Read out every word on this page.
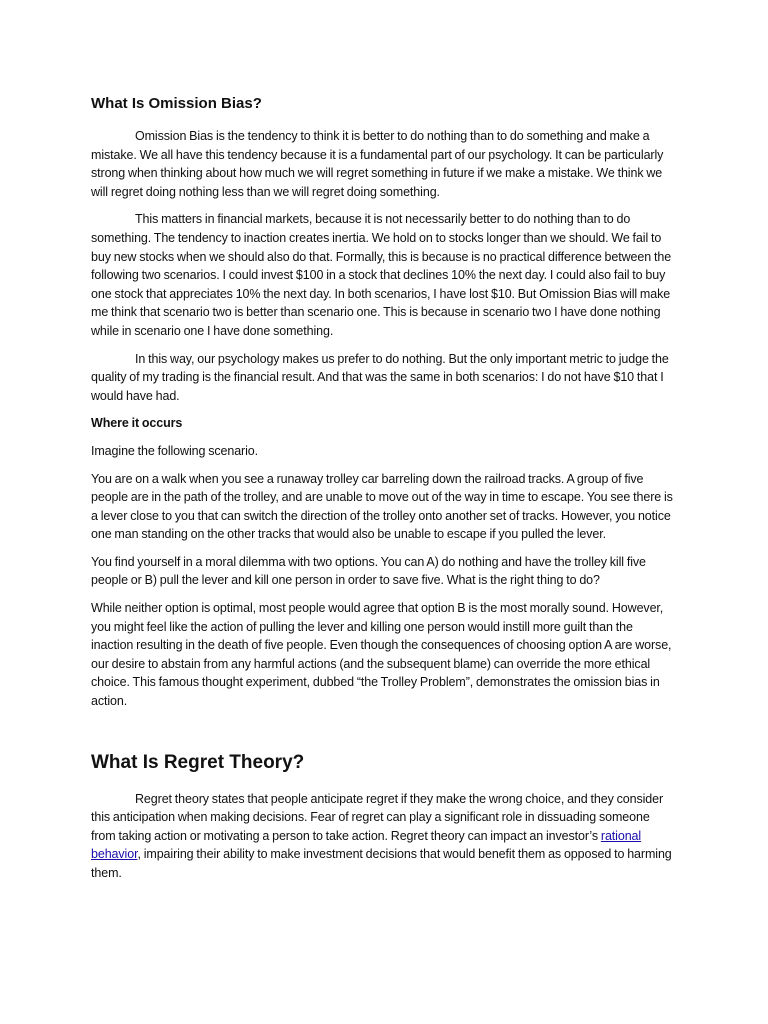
What Is Omission Bias?

Omission Bias is the tendency to think it is better to do nothing than to do something and make a mistake. We all have this tendency because it is a fundamental part of our psychology. It can be particularly strong when thinking about how much we will regret something in future if we make a mistake. We think we will regret doing nothing less than we will regret doing something.

This matters in financial markets, because it is not necessarily better to do nothing than to do something. The tendency to inaction creates inertia. We hold on to stocks longer than we should. We fail to buy new stocks when we should also do that. Formally, this is because is no practical difference between the following two scenarios. I could invest $100 in a stock that declines 10% the next day. I could also fail to buy one stock that appreciates 10% the next day. In both scenarios, I have lost $10. But Omission Bias will make me think that scenario two is better than scenario one. This is because in scenario two I have done nothing while in scenario one I have done something.

In this way, our psychology makes us prefer to do nothing. But the only important metric to judge the quality of my trading is the financial result. And that was the same in both scenarios: I do not have $10 that I would have had.

Where it occurs

Imagine the following scenario.

You are on a walk when you see a runaway trolley car barreling down the railroad tracks. A group of five people are in the path of the trolley, and are unable to move out of the way in time to escape. You see there is a lever close to you that can switch the direction of the trolley onto another set of tracks. However, you notice one man standing on the other tracks that would also be unable to escape if you pulled the lever.

You find yourself in a moral dilemma with two options. You can A) do nothing and have the trolley kill five people or B) pull the lever and kill one person in order to save five. What is the right thing to do?

While neither option is optimal, most people would agree that option B is the most morally sound. However, you might feel like the action of pulling the lever and killing one person would instill more guilt than the inaction resulting in the death of five people. Even though the consequences of choosing option A are worse, our desire to abstain from any harmful actions (and the subsequent blame) can override the more ethical choice. This famous thought experiment, dubbed “the Trolley Problem”, demonstrates the omission bias in action.

What Is Regret Theory?

Regret theory states that people anticipate regret if they make the wrong choice, and they consider this anticipation when making decisions. Fear of regret can play a significant role in dissuading someone from taking action or motivating a person to take action. Regret theory can impact an investor’s rational behavior, impairing their ability to make investment decisions that would benefit them as opposed to harming them.
